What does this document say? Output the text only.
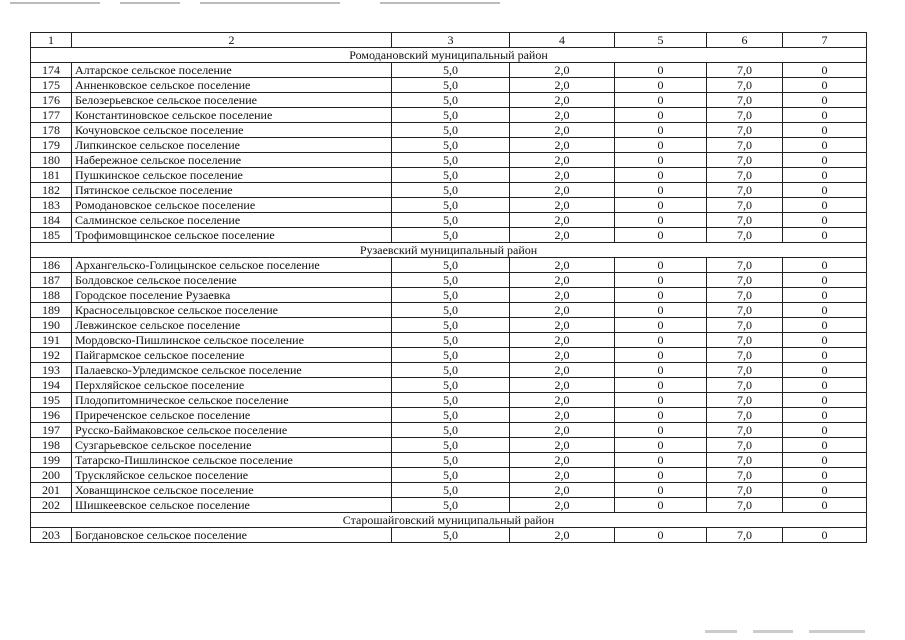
1	2	3	4	5	6	7
Ромодановский муниципальный район						
174	Алтарское сельское поселение	5,0	2,0	0	7,0	0
175	Анненковское сельское поселение	5,0	2,0	0	7,0	0
176	Белозерьевское сельское поселение	5,0	2,0	0	7,0	0
177	Константиновское сельское поселение	5,0	2,0	0	7,0	0
178	Кочуновское сельское поселение	5,0	2,0	0	7,0	0
179	Липкинское сельское поселение	5,0	2,0	0	7,0	0
180	Набережное сельское поселение	5,0	2,0	0	7,0	0
181	Пушкинское сельское поселение	5,0	2,0	0	7,0	0
182	Пятинское сельское поселение	5,0	2,0	0	7,0	0
183	Ромодановское сельское поселение	5,0	2,0	0	7,0	0
184	Салминское сельское поселение	5,0	2,0	0	7,0	0
185	Трофимовщинское сельское поселение	5,0	2,0	0	7,0	0
Рузаевский муниципальный район						
186	Архангельско-Голицынское сельское поселение	5,0	2,0	0	7,0	0
187	Болдовское сельское поселение	5,0	2,0	0	7,0	0
188	Городское поселение Рузаевка	5,0	2,0	0	7,0	0
189	Красносельцовское сельское поселение	5,0	2,0	0	7,0	0
190	Левжинское сельское поселение	5,0	2,0	0	7,0	0
191	Мордовско-Пишлинское сельское поселение	5,0	2,0	0	7,0	0
192	Пайгармское сельское поселение	5,0	2,0	0	7,0	0
193	Палаевско-Урледимское сельское поселение	5,0	2,0	0	7,0	0
194	Перхляйское сельское поселение	5,0	2,0	0	7,0	0
195	Плодопитомническое сельское поселение	5,0	2,0	0	7,0	0
196	Приреченское сельское поселение	5,0	2,0	0	7,0	0
197	Русско-Баймаковское сельское поселение	5,0	2,0	0	7,0	0
198	Сузгарьевское сельское поселение	5,0	2,0	0	7,0	0
199	Татарско-Пишлинское сельское поселение	5,0	2,0	0	7,0	0
200	Трускляйское сельское поселение	5,0	2,0	0	7,0	0
201	Хованщинское сельское поселение	5,0	2,0	0	7,0	0
202	Шишкеевское сельское поселение	5,0	2,0	0	7,0	0
Старошайговский муниципальный район						
203	Богдановское сельское поселение	5,0	2,0	0	7,0	0
